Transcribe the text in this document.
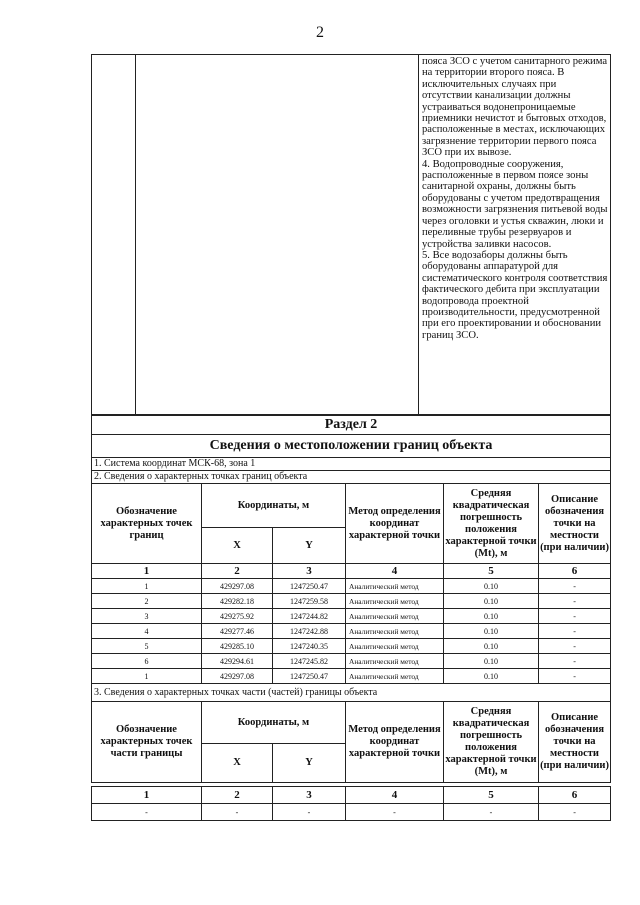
2

пояса ЗСО с учетом санитарного режима на территории второго пояса. В исключительных случаях при отсутствии канализации должны устраиваться водонепроницаемые приемники нечистот и бытовых отходов, расположенные в местах, исключающих загрязнение территории первого пояса ЗСО при их вывозе.

4. Водопроводные сооружения, расположенные в первом поясе зоны санитарной охраны, должны быть оборудованы с учетом предотвращения возможности загрязнения питьевой воды через оголовки и устья скважин, люки и переливные трубы резервуаров и устройства заливки насосов.

5. Все водозаборы должны быть оборудованы аппаратурой для систематического контроля соответствия фактического дебита при эксплуатации водопровода проектной производительности, предусмотренной при его проектировании и обосновании границ ЗСО.

Раздел 2					
Сведения о местоположении границ объекта					
1. Система координат МСК-68, зона 1					
2. Сведения о характерных точках границ объекта					
Обозначение характерных точек границ	Координаты, м		Метод определения координат характерной точки	Средняя квадратическая погрешность положения характерной точки (Mt), м	Описание обозначения точки на местности (при наличии)
	X	Y			
1	2	3	4	5	6
1	429297.08	1247250.47	Аналитический метод	0.10	-
2	429282.18	1247259.58	Аналитический метод	0.10	-
3	429275.92	1247244.82	Аналитический метод	0.10	-
4	429277.46	1247242.88	Аналитический метод	0.10	-
5	429285.10	1247240.35	Аналитический метод	0.10	-
6	429294.61	1247245.82	Аналитический метод	0.10	-
1	429297.08	1247250.47	Аналитический метод	0.10	-
3. Сведения о характерных точках части (частей) границы объекта					
Обозначение характерных точек части границы	Координаты, м		Метод определения координат характерной точки	Средняя квадратическая погрешность положения характерной точки (Mt), м	Описание обозначения точки на местности (при наличии)
	X	Y			

1	2	3	4	5	6
-	-	-	-	-	-
